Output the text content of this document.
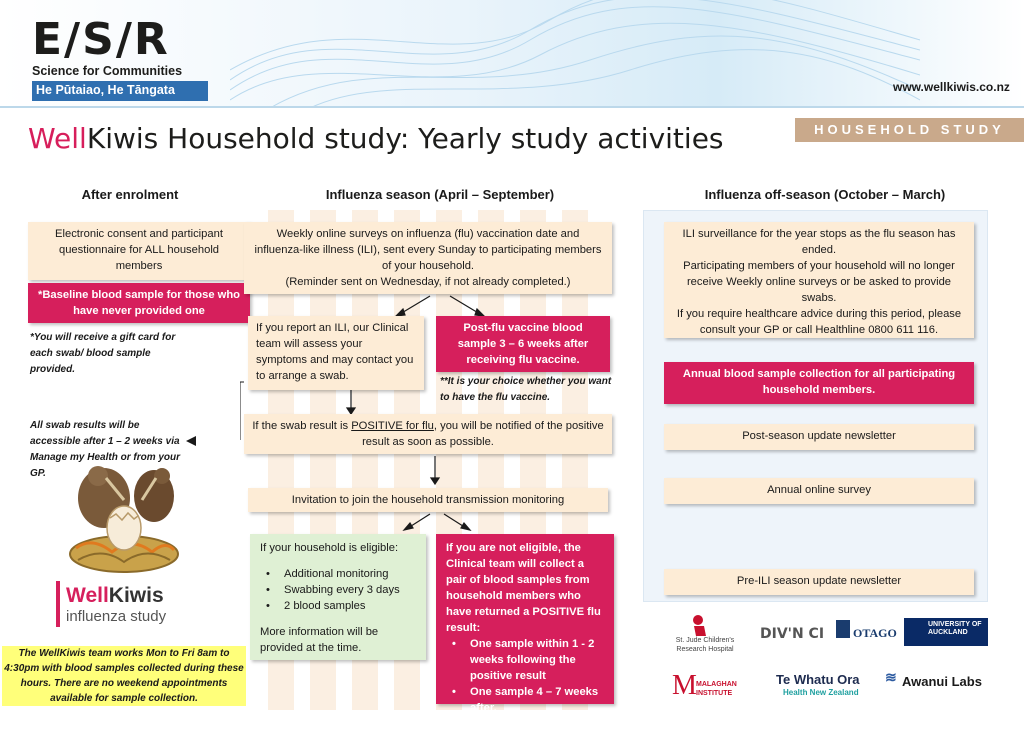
E/S/R
Science for Communities
He Pūtaiao, He Tāngata	www.wellkiwis.co.nz
WellKiwis Household study: Yearly study activities	HOUSEHOLD STUDY
After enrolment	Influenza season (April – September)	Influenza off-season (October – March)
Electronic consent and participant questionnaire for ALL household members
*Baseline blood sample for those who have never provided one
*You will receive a gift card for each swab/ blood sample provided.
All swab results will be accessible after 1 – 2 weeks via Manage my Health or from your GP.
WellKiwis
influenza study
The WellKiwis team works Mon to Fri 8am to 4:30pm with blood samples collected during these hours. There are no weekend appointments available for sample collection.
Weekly online surveys on influenza (flu) vaccination date and influenza-like illness (ILI), sent every Sunday to participating members of your household.
(Reminder sent on Wednesday, if not already completed.)
If you report an ILI, our Clinical team will assess your symptoms and may contact you to arrange a swab.
Post-flu vaccine blood sample 3 – 6 weeks after receiving flu vaccine.
**It is your choice whether you want to have the flu vaccine.
If the swab result is POSITIVE for flu, you will be notified of the positive result as soon as possible.
Invitation to join the household transmission monitoring
If your household is eligible:
• Additional monitoring
• Swabbing every 3 days
• 2 blood samples
More information will be provided at the time.
If you are not eligible, the Clinical team will collect a pair of blood samples from household members who have returned a POSITIVE flu result:
• One sample within 1 - 2 weeks following the positive result
• One sample 4 – 7 weeks after.
ILI surveillance for the year stops as the flu season has ended.
Participating members of your household will no longer receive Weekly online surveys or be asked to provide swabs.
If you require healthcare advice during this period, please consult your GP or call Healthline 0800 611 116.
Annual blood sample collection for all participating household members.
Post-season update newsletter
Annual online survey
Pre-ILI season update newsletter
St. Jude Children's Research Hospital
DIV'N CI OTAGO
UNIVERSITY OF AUCKLAND
M MALAGHAN INSTITUTE
Te Whatu Ora
Health New Zealand
≋ Awanui Labs
